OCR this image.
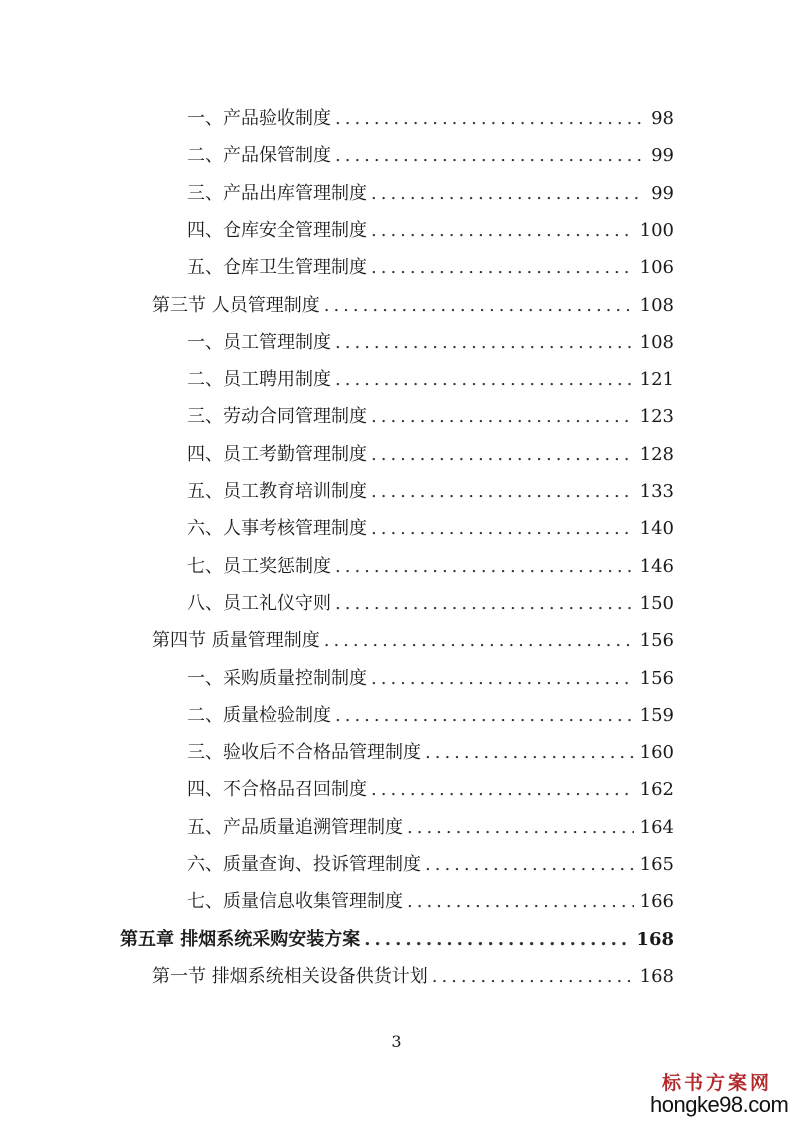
一、产品验收制度 .....	98
二、产品保管制度 .....	99
三、产品出库管理制度 .....	99
四、仓库安全管理制度 .....	100
五、仓库卫生管理制度 .....	106
第三节 人员管理制度 .....	108
一、员工管理制度 .....	108
二、员工聘用制度 .....	121
三、劳动合同管理制度 .....	123
四、员工考勤管理制度 .....	128
五、员工教育培训制度 .....	133
六、人事考核管理制度 .....	140
七、员工奖惩制度 .....	146
八、员工礼仪守则 .....	150
第四节 质量管理制度 .....	156
一、采购质量控制制度 .....	156
二、质量检验制度 .....	159
三、验收后不合格品管理制度 .....	160
四、不合格品召回制度 .....	162
五、产品质量追溯管理制度 .....	164
六、质量查询、投诉管理制度 .....	165
七、质量信息收集管理制度 .....	166
第五章 排烟系统采购安装方案 .....	168
第一节 排烟系统相关设备供货计划 .....	168
3
标书方案网
hongke98.com
